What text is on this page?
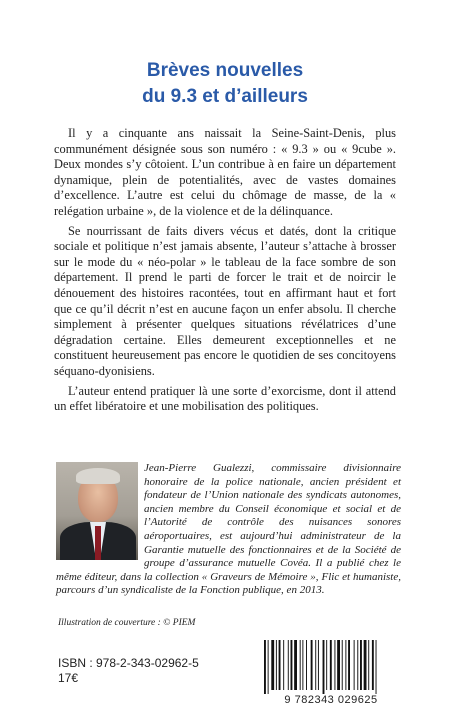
Brèves nouvelles
du 9.3 et d’ailleurs

Il y a cinquante ans naissait la Seine-Saint-Denis, plus communément désignée sous son numéro : « 9.3 » ou « 9cube ». Deux mondes s’y côtoient. L’un contribue à en faire un département dynamique, plein de potentialités, avec de vastes domaines d’excellence. L’autre est celui du chômage de masse, de la « relégation urbaine », de la violence et de la délinquance.

Se nourrissant de faits divers vécus et datés, dont la critique sociale et politique n’est jamais absente, l’auteur s’attache à brosser sur le mode du « néo-polar » le tableau de la face sombre de son département. Il prend le parti de forcer le trait et de noircir le dénouement des histoires racontées, tout en affirmant haut et fort que ce qu’il décrit n’est en aucune façon un enfer absolu. Il cherche simplement à présenter quelques situations révélatrices d’une dégradation certaine. Elles demeurent exceptionnelles et ne constituent heureusement pas encore le quotidien de ses concitoyens séquano-dyonisiens.

L’auteur entend pratiquer là une sorte d’exorcisme, dont il attend un effet libératoire et une mobilisation des politiques.

Jean-Pierre Gualezzi, commissaire divisionnaire honoraire de la police nationale, ancien président et fondateur de l’Union nationale des syndicats autonomes, ancien membre du Conseil économique et social et de l’Autorité de contrôle des nuisances sonores aéroportuaires, est aujourd’hui administrateur de la Garantie mutuelle des fonctionnaires et de la Société de groupe d’assurance mutuelle Covéa. Il a publié chez le même éditeur, dans la collection « Graveurs de Mémoire », Flic et humaniste, parcours d’un syndicaliste de la Fonction publique, en 2013.
Illustration de couverture : © PIEM
ISBN : 978-2-343-02962-5
17€
9 782343 029625
